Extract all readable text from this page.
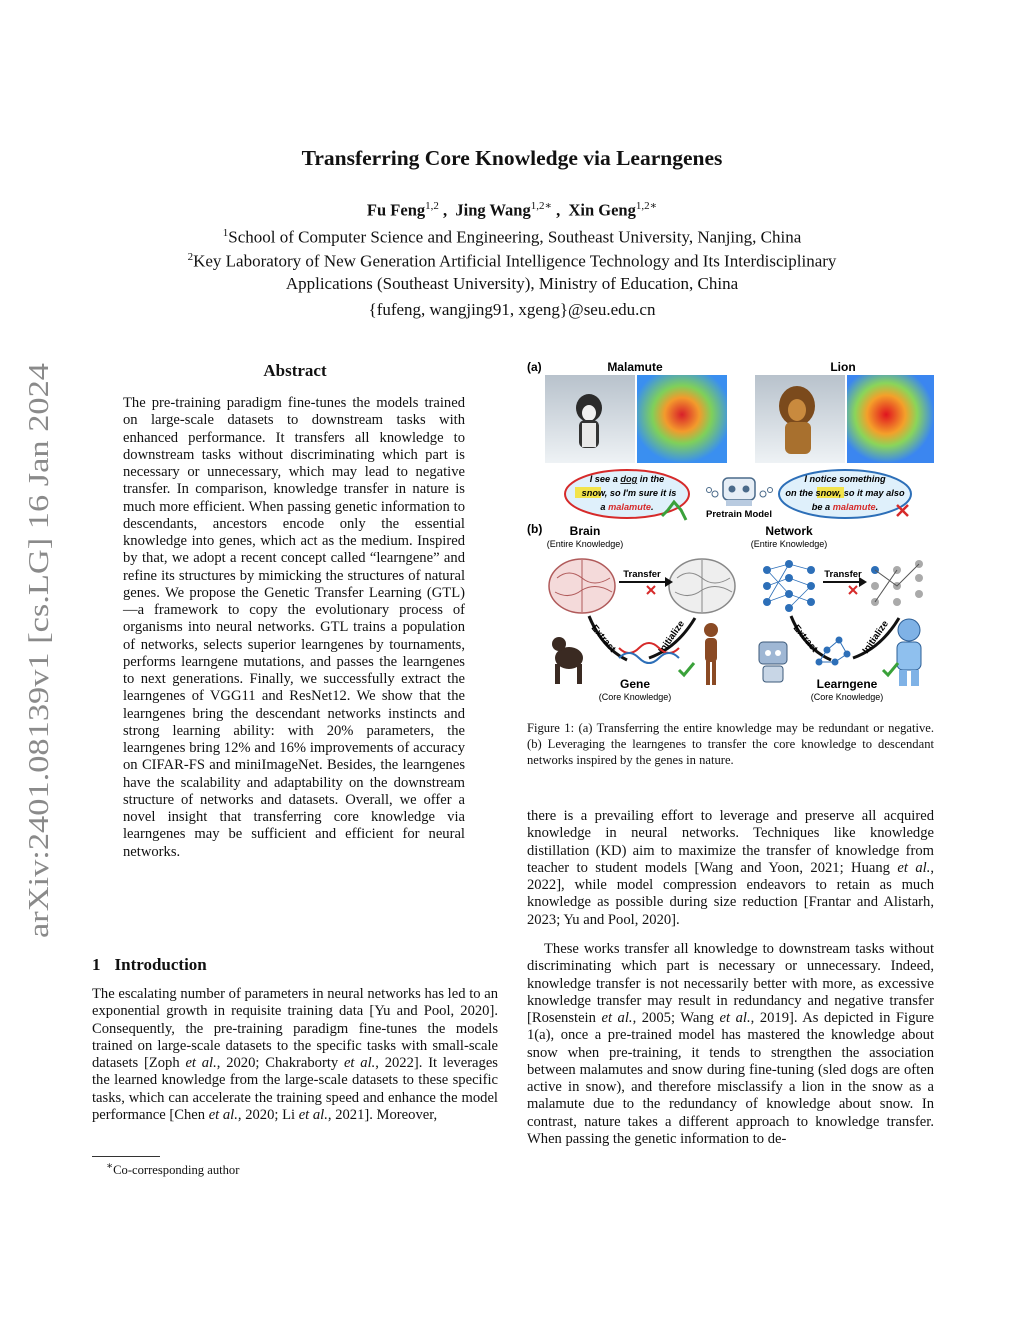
arXiv:2401.08139v1 [cs.LG] 16 Jan 2024
Transferring Core Knowledge via Learngenes
Fu Feng$^{1,2}$ ,  Jing Wang$^{1,2∗}$ ,  Xin Geng$^{1,2∗}$
$^1$School of Computer Science and Engineering, Southeast University, Nanjing, China
$^2$Key Laboratory of New Generation Artificial Intelligence Technology and Its Interdisciplinary
Applications (Southeast University), Ministry of Education, China
{fufeng, wangjing91, xgeng}@seu.edu.cn
Abstract
The pre-training paradigm fine-tunes the models trained on large-scale datasets to downstream tasks with enhanced performance. It transfers all knowledge to downstream tasks without discriminating which part is necessary or unnecessary, which may lead to negative transfer. In comparison, knowledge transfer in nature is much more efficient. When passing genetic information to descendants, ancestors encode only the essential knowledge into genes, which act as the medium. Inspired by that, we adopt a recent concept called “learngene” and refine its structures by mimicking the structures of natural genes. We propose the Genetic Transfer Learning (GTL)—a framework to copy the evolutionary process of organisms into neural networks. GTL trains a population of networks, selects superior learngenes by tournaments, performs learngene mutations, and passes the learngenes to next generations. Finally, we successfully extract the learngenes of VGG11 and ResNet12. We show that the learngenes bring the descendant networks instincts and strong learning ability: with 20% parameters, the learngenes bring 12% and 16% improvements of accuracy on CIFAR-FS and miniImageNet. Besides, the learngenes have the scalability and adaptability on the downstream structure of networks and datasets. Overall, we offer a novel insight that transferring core knowledge via learngenes may be sufficient and efficient for neural networks.
1 Introduction
The escalating number of parameters in neural networks has led to an exponential growth in requisite training data [Yu and Pool, 2020]. Consequently, the pre-training paradigm fine-tunes the models trained on large-scale datasets to the specific tasks with small-scale datasets [Zoph et al., 2020; Chakraborty et al., 2022]. It leverages the learned knowledge from the large-scale datasets to these specific tasks, which can accelerate the training speed and enhance the model performance [Chen et al., 2020; Li et al., 2021]. Moreover,
∗Co-corresponding author
(a)	Malamute	Lion
I see a dog in the
snow, so I'm sure it is
a malamute.
I notice something
on the snow, so it may also
be a malamute.
Pretrain Model
(b) Brain
(Entire Knowledge)
Network
(Entire Knowledge)
Transfer	Transfer
Extract	Initialize	Extract	Initialize
Gene
(Core Knowledge)
Learngene
(Core Knowledge)
Figure 1: (a) Transferring the entire knowledge may be redundant or negative. (b) Leveraging the learngenes to transfer the core knowledge to descendant networks inspired by the genes in nature.
there is a prevailing effort to leverage and preserve all acquired knowledge in neural networks. Techniques like knowledge distillation (KD) aim to maximize the transfer of knowledge from teacher to student models [Wang and Yoon, 2021; Huang et al., 2022], while model compression endeavors to retain as much knowledge as possible during size reduction [Frantar and Alistarh, 2023; Yu and Pool, 2020].
These works transfer all knowledge to downstream tasks without discriminating which part is necessary or unnecessary. Indeed, knowledge transfer is not necessarily better with more, as excessive knowledge transfer may result in redundancy and negative transfer [Rosenstein et al., 2005; Wang et al., 2019]. As depicted in Figure 1(a), once a pre-trained model has mastered the knowledge about snow when pre-training, it tends to strengthen the association between malamutes and snow during fine-tuning (sled dogs are often active in snow), and therefore misclassify a lion in the snow as a malamute due to the redundancy of knowledge about snow. In contrast, nature takes a different approach to knowledge transfer. When passing the genetic information to de-
